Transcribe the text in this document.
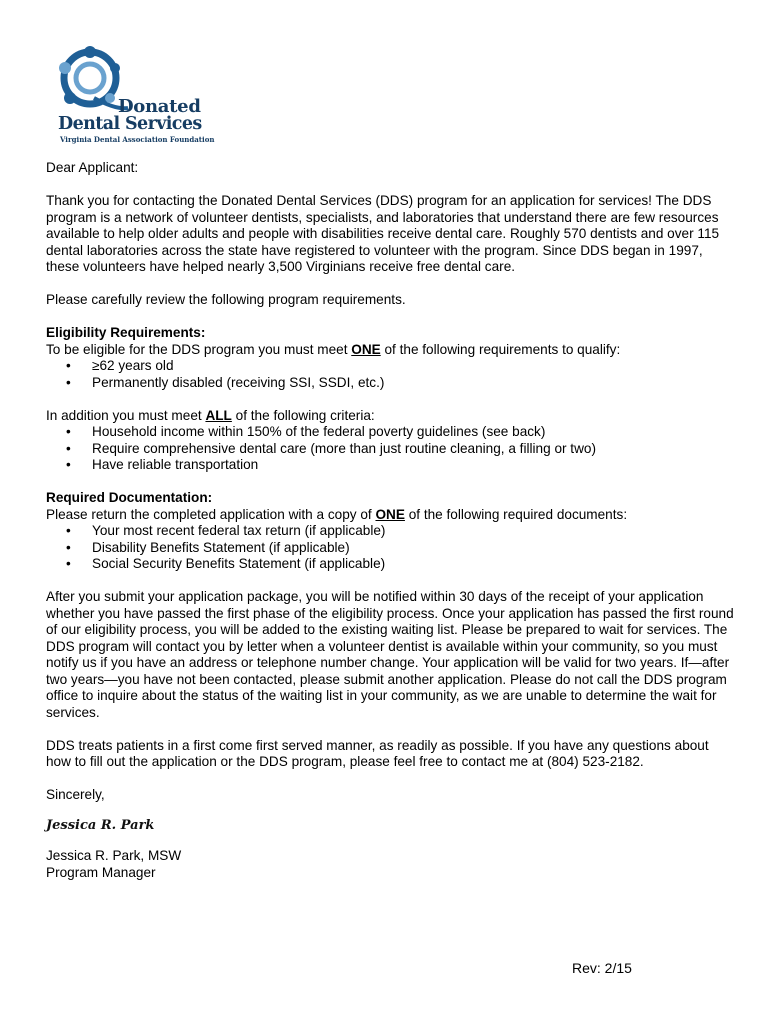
Donated
Dental Services
Virginia Dental Association Foundation

Dear Applicant:

Thank you for contacting the Donated Dental Services (DDS) program for an application for services! The DDS program is a network of volunteer dentists, specialists, and laboratories that understand there are few resources available to help older adults and people with disabilities receive dental care. Roughly 570 dentists and over 115 dental laboratories across the state have registered to volunteer with the program. Since DDS began in 1997, these volunteers have helped nearly 3,500 Virginians receive free dental care.

Please carefully review the following program requirements.

Eligibility Requirements:

To be eligible for the DDS program you must meet ONE of the following requirements to qualify:

• ≥62 years old
• Permanently disabled (receiving SSI, SSDI, etc.)

In addition you must meet ALL of the following criteria:

• Household income within 150% of the federal poverty guidelines (see back)
• Require comprehensive dental care (more than just routine cleaning, a filling or two)
• Have reliable transportation

Required Documentation:

Please return the completed application with a copy of ONE of the following required documents:

• Your most recent federal tax return (if applicable)
• Disability Benefits Statement (if applicable)
• Social Security Benefits Statement (if applicable)

After you submit your application package, you will be notified within 30 days of the receipt of your application whether you have passed the first phase of the eligibility process. Once your application has passed the first round of our eligibility process, you will be added to the existing waiting list. Please be prepared to wait for services. The DDS program will contact you by letter when a volunteer dentist is available within your community, so you must notify us if you have an address or telephone number change. Your application will be valid for two years. If—after two years—you have not been contacted, please submit another application. Please do not call the DDS program office to inquire about the status of the waiting list in your community, as we are unable to determine the wait for services.

DDS treats patients in a first come first served manner, as readily as possible. If you have any questions about how to fill out the application or the DDS program, please feel free to contact me at (804) 523-2182.

Sincerely,

Jessica R. Park

Jessica R. Park, MSW

Program Manager

Rev: 2/15
